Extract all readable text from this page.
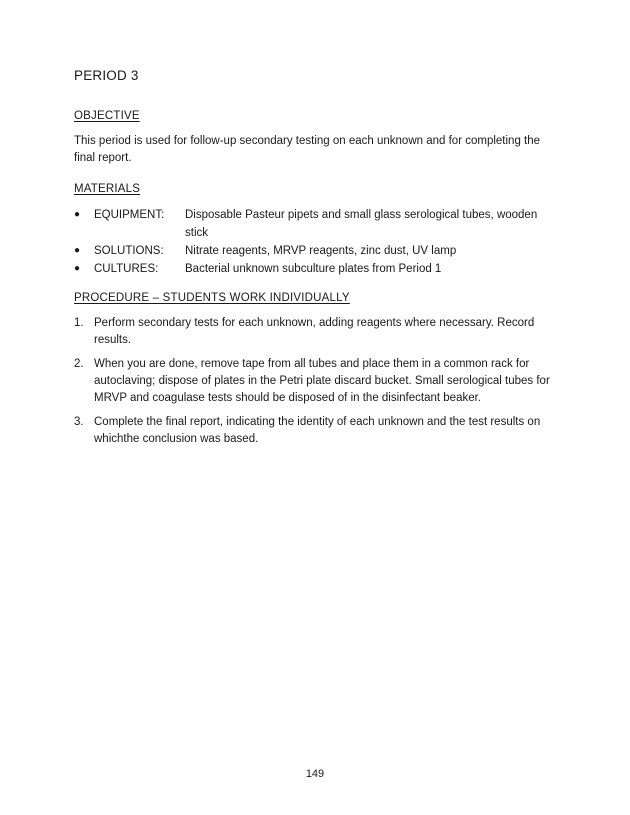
PERIOD 3
OBJECTIVE

This period is used for follow-up secondary testing on each unknown and for completing the final report.

MATERIALS
●	EQUIPMENT:	Disposable Pasteur pipets and small glass serological tubes, wooden stick
●	SOLUTIONS:	Nitrate reagents, MRVP reagents, zinc dust, UV lamp
●	CULTURES:	Bacterial unknown subculture plates from Period 1
PROCEDURE – STUDENTS WORK INDIVIDUALLY
1. Perform secondary tests for each unknown, adding reagents where necessary. Record results.
2. When you are done, remove tape from all tubes and place them in a common rack for autoclaving; dispose of plates in the Petri plate discard bucket. Small serological tubes for MRVP and coagulase tests should be disposed of in the disinfectant beaker.
3. Complete the final report, indicating the identity of each unknown and the test results on whichthe conclusion was based.
149
